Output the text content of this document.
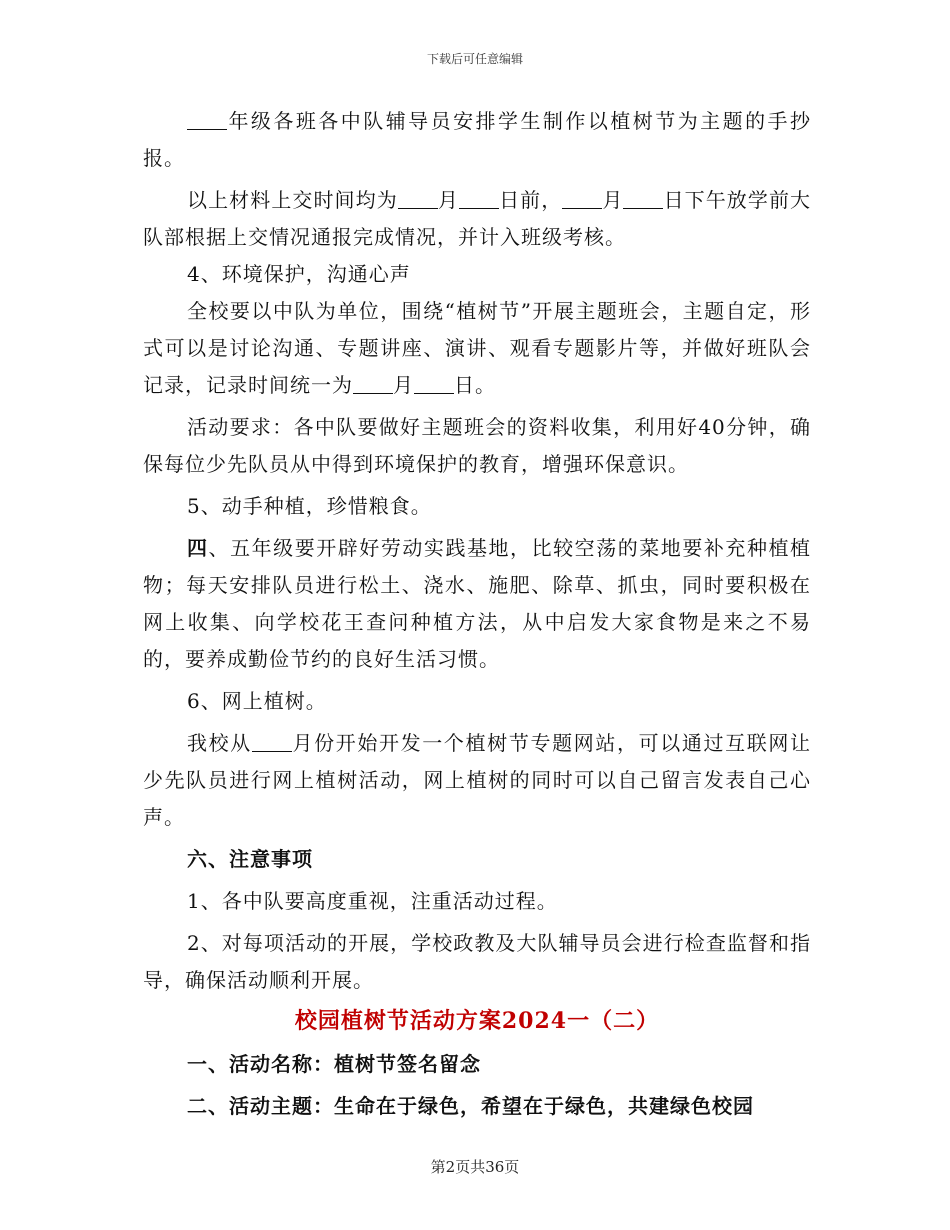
下载后可任意编辑

年级各班各中队辅导员安排学生制作以植树节为主题的手抄报。

以上材料上交时间均为 月 日前， 月 日下午放学前大队部根据上交情况通报完成情况，并计入班级考核。

4、环境保护，沟通心声

全校要以中队为单位，围绕“植树节”开展主题班会，主题自定，形式可以是讨论沟通、专题讲座、演讲、观看专题影片等，并做好班队会记录，记录时间统一为 月 日。

活动要求：各中队要做好主题班会的资料收集，利用好40分钟，确保每位少先队员从中得到环境保护的教育，增强环保意识。

5、动手种植，珍惜粮食。

四、五年级要开辟好劳动实践基地，比较空荡的菜地要补充种植植物；每天安排队员进行松土、浇水、施肥、除草、抓虫，同时要积极在网上收集、向学校花王查问种植方法，从中启发大家食物是来之不易的，要养成勤俭节约的良好生活习惯。

6、网上植树。

我校从 月份开始开发一个植树节专题网站，可以通过互联网让少先队员进行网上植树活动，网上植树的同时可以自己留言发表自己心声。

六、注意事项

1、各中队要高度重视，注重活动过程。

2、对每项活动的开展，学校政教及大队辅导员会进行检查监督和指导，确保活动顺利开展。

校园植树节活动方案2024一（二）

一、活动名称：植树节签名留念

二、活动主题：生命在于绿色，希望在于绿色，共建绿色校园

第2页共36页
